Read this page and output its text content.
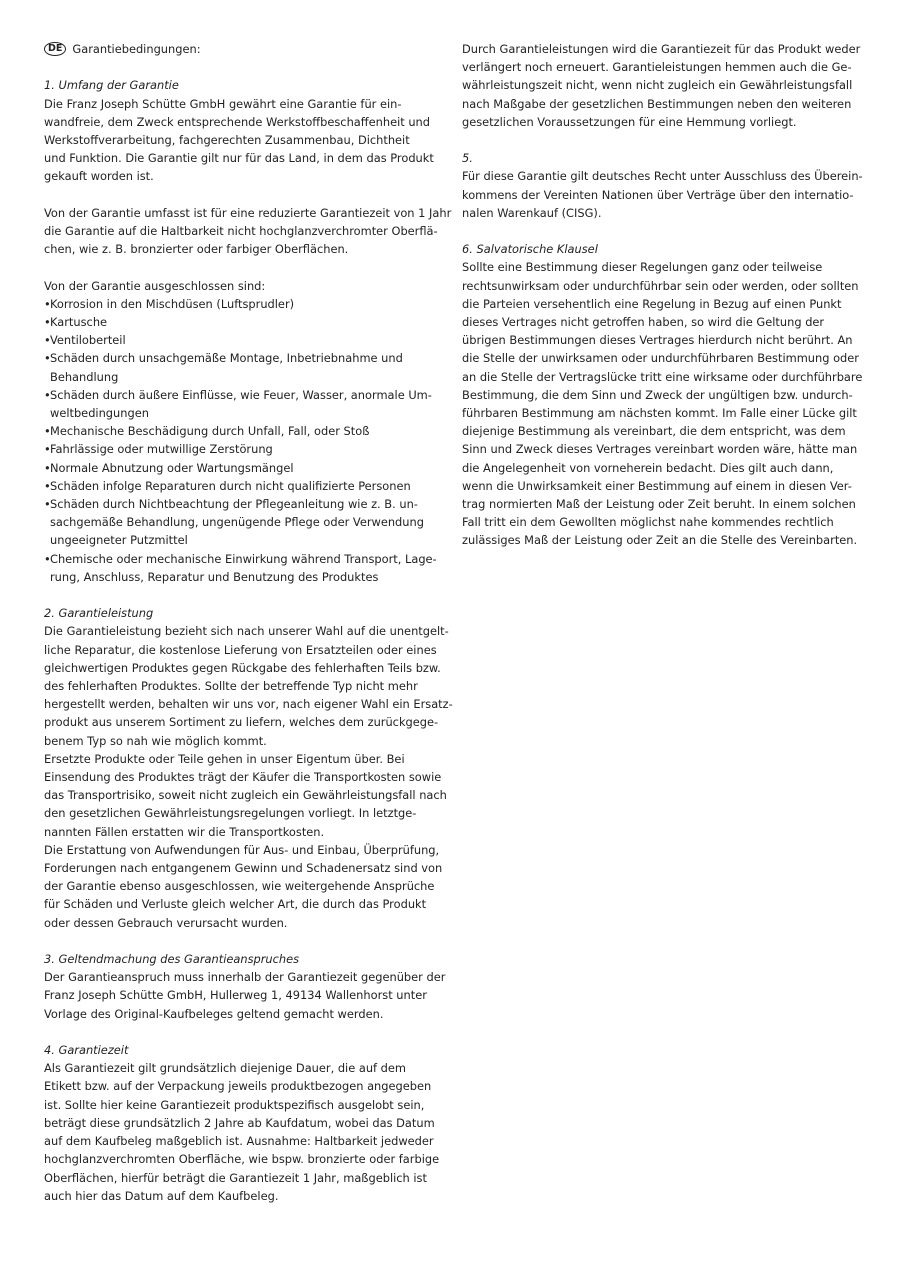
DE Garantiebedingungen:
1. Umfang der Garantie
Die Franz Joseph Schütte GmbH gewährt eine Garantie für ein-
wandfreie, dem Zweck entsprechende Werkstoffbeschaffenheit und
Werkstoffverarbeitung, fachgerechten Zusammenbau, Dichtheit
und Funktion. Die Garantie gilt nur für das Land, in dem das Produkt
gekauft worden ist.
Von der Garantie umfasst ist für eine reduzierte Garantiezeit von 1 Jahr
die Garantie auf die Haltbarkeit nicht hochglanzverchromter Oberflä-
chen, wie z. B. bronzierter oder farbiger Oberflächen.
Von der Garantie ausgeschlossen sind:
• Korrosion in den Mischdüsen (Luftsprudler)
• Kartusche
• Ventiloberteil
• Schäden durch unsachgemäße Montage, Inbetriebnahme und
Behandlung
• Schäden durch äußere Einflüsse, wie Feuer, Wasser, anormale Um-
weltbedingungen
• Mechanische Beschädigung durch Unfall, Fall, oder Stoß
• Fahrlässige oder mutwillige Zerstörung
• Normale Abnutzung oder Wartungsmängel
• Schäden infolge Reparaturen durch nicht qualifizierte Personen
• Schäden durch Nichtbeachtung der Pflegeanleitung wie z. B. un-
sachgemäße Behandlung, ungenügende Pflege oder Verwendung
ungeeigneter Putzmittel
• Chemische oder mechanische Einwirkung während Transport, Lage-
rung, Anschluss, Reparatur und Benutzung des Produktes
2. Garantieleistung
Die Garantieleistung bezieht sich nach unserer Wahl auf die unentgelt-
liche Reparatur, die kostenlose Lieferung von Ersatzteilen oder eines
gleichwertigen Produktes gegen Rückgabe des fehlerhaften Teils bzw.
des fehlerhaften Produktes. Sollte der betreffende Typ nicht mehr
hergestellt werden, behalten wir uns vor, nach eigener Wahl ein Ersatz-
produkt aus unserem Sortiment zu liefern, welches dem zurückgege-
benem Typ so nah wie möglich kommt.
Ersetzte Produkte oder Teile gehen in unser Eigentum über. Bei
Einsendung des Produktes trägt der Käufer die Transportkosten sowie
das Transportrisiko, soweit nicht zugleich ein Gewährleistungsfall nach
den gesetzlichen Gewährleistungsregelungen vorliegt. In letztge-
nannten Fällen erstatten wir die Transportkosten.
Die Erstattung von Aufwendungen für Aus- und Einbau, Überprüfung,
Forderungen nach entgangenem Gewinn und Schadenersatz sind von
der Garantie ebenso ausgeschlossen, wie weitergehende Ansprüche
für Schäden und Verluste gleich welcher Art, die durch das Produkt
oder dessen Gebrauch verursacht wurden.
3. Geltendmachung des Garantieanspruches
Der Garantieanspruch muss innerhalb der Garantiezeit gegenüber der
Franz Joseph Schütte GmbH, Hullerweg 1, 49134 Wallenhorst unter
Vorlage des Original-Kaufbeleges geltend gemacht werden.
4. Garantiezeit
Als Garantiezeit gilt grundsätzlich diejenige Dauer, die auf dem
Etikett bzw. auf der Verpackung jeweils produktbezogen angegeben
ist. Sollte hier keine Garantiezeit produktspezifisch ausgelobt sein,
beträgt diese grundsätzlich 2 Jahre ab Kaufdatum, wobei das Datum
auf dem Kaufbeleg maßgeblich ist. Ausnahme: Haltbarkeit jedweder
hochglanzverchromten Oberfläche, wie bspw. bronzierte oder farbige
Oberflächen, hierfür beträgt die Garantiezeit 1 Jahr, maßgeblich ist
auch hier das Datum auf dem Kaufbeleg.
Durch Garantieleistungen wird die Garantiezeit für das Produkt weder
verlängert noch erneuert. Garantieleistungen hemmen auch die Ge-
währleistungszeit nicht, wenn nicht zugleich ein Gewährleistungsfall
nach Maßgabe der gesetzlichen Bestimmungen neben den weiteren
gesetzlichen Voraussetzungen für eine Hemmung vorliegt.
5.
Für diese Garantie gilt deutsches Recht unter Ausschluss des Überein-
kommens der Vereinten Nationen über Verträge über den internatio-
nalen Warenkauf (CISG).
6. Salvatorische Klausel
Sollte eine Bestimmung dieser Regelungen ganz oder teilweise
rechtsunwirksam oder undurchführbar sein oder werden, oder sollten
die Parteien versehentlich eine Regelung in Bezug auf einen Punkt
dieses Vertrages nicht getroffen haben, so wird die Geltung der
übrigen Bestimmungen dieses Vertrages hierdurch nicht berührt. An
die Stelle der unwirksamen oder undurchführbaren Bestimmung oder
an die Stelle der Vertragslücke tritt eine wirksame oder durchführbare
Bestimmung, die dem Sinn und Zweck der ungültigen bzw. undurch-
führbaren Bestimmung am nächsten kommt. Im Falle einer Lücke gilt
diejenige Bestimmung als vereinbart, die dem entspricht, was dem
Sinn und Zweck dieses Vertrages vereinbart worden wäre, hätte man
die Angelegenheit von vorneherein bedacht. Dies gilt auch dann,
wenn die Unwirksamkeit einer Bestimmung auf einem in diesen Ver-
trag normierten Maß der Leistung oder Zeit beruht. In einem solchen
Fall tritt ein dem Gewollten möglichst nahe kommendes rechtlich
zulässiges Maß der Leistung oder Zeit an die Stelle des Vereinbarten.
